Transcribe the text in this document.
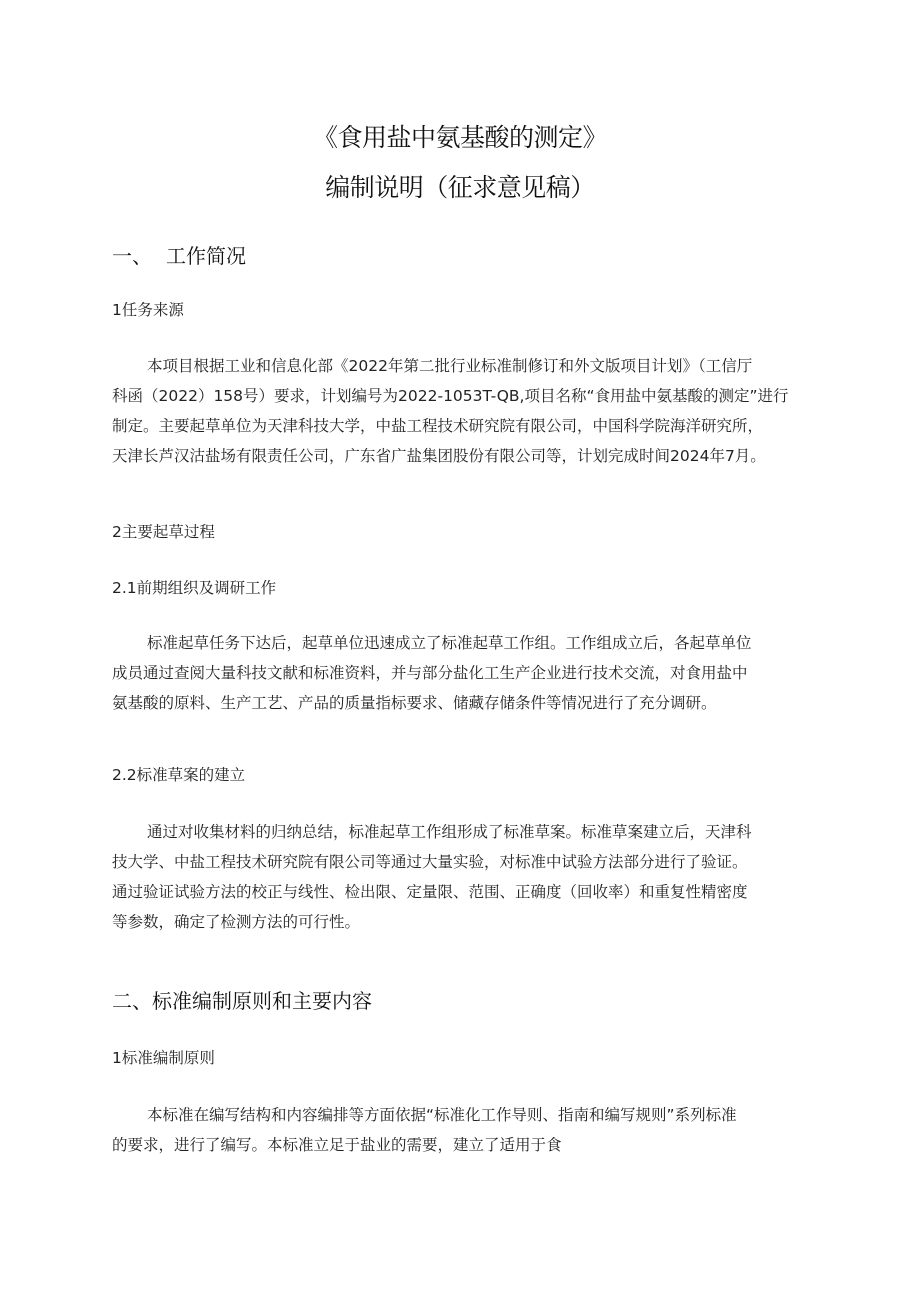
《食用盐中氨基酸的测定》
编制说明（征求意见稿）
一、 工作简况
1任务来源
本项目根据工业和信息化部《2022年第二批行业标准制修订和外文版项目计划》（工信厅
科函（2022）158号）要求，计划编号为2022-1053T-QB,项目名称“食用盐中氨基酸的测定”进行
制定。主要起草单位为天津科技大学，中盐工程技术研究院有限公司，中国科学院海洋研究所，
天津长芦汉沽盐场有限责任公司，广东省广盐集团股份有限公司等，计划完成时间2024年7月。
2主要起草过程
2.1前期组织及调研工作
标准起草任务下达后，起草单位迅速成立了标准起草工作组。工作组成立后，各起草单位
成员通过查阅大量科技文献和标准资料，并与部分盐化工生产企业进行技术交流，对食用盐中
氨基酸的原料、生产工艺、产品的质量指标要求、储藏存储条件等情况进行了充分调研。
2.2标准草案的建立
通过对收集材料的归纳总结，标准起草工作组形成了标准草案。标准草案建立后，天津科
技大学、中盐工程技术研究院有限公司等通过大量实验，对标准中试验方法部分进行了验证。
通过验证试验方法的校正与线性、检出限、定量限、范围、正确度（回收率）和重复性精密度
等参数，确定了检测方法的可行性。
二、标准编制原则和主要内容
1标准编制原则
本标准在编写结构和内容编排等方面依据“标准化工作导则、指南和编写规则”系列标准
的要求，进行了编写。本标准立足于盐业的需要，建立了适用于食
